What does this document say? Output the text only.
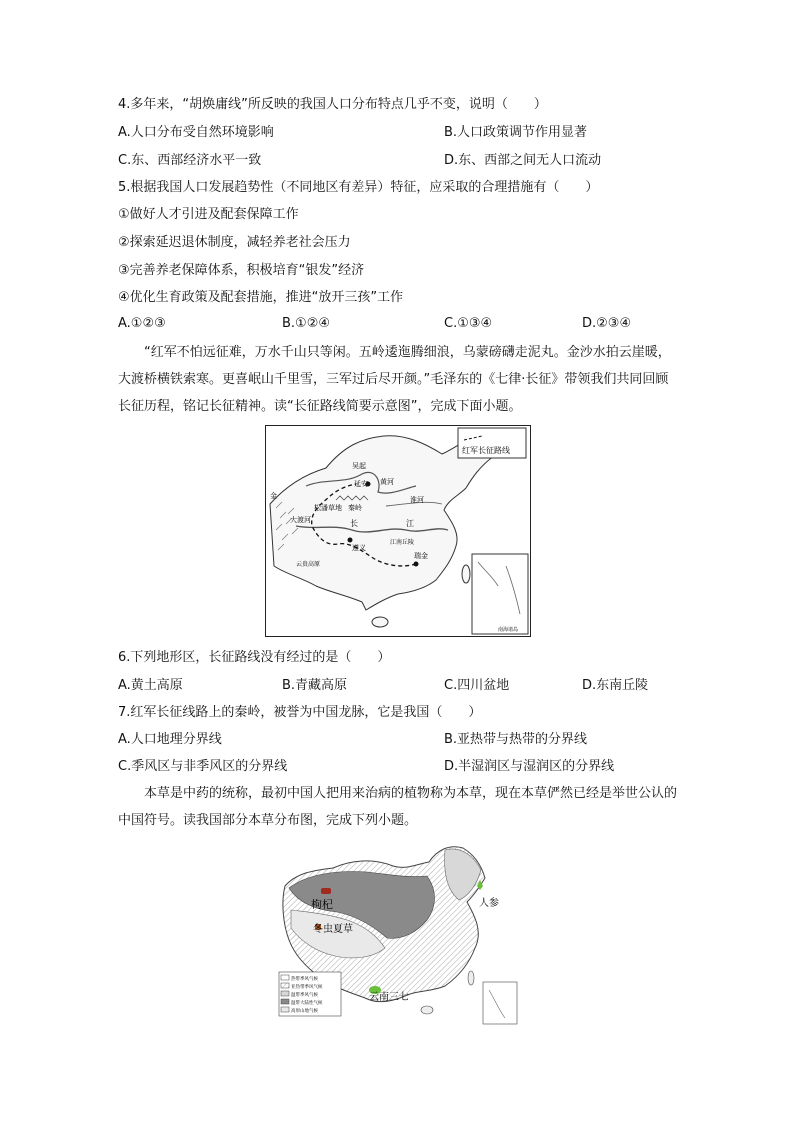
4.多年来，“胡焕庸线”所反映的我国人口分布特点几乎不变，说明（　　）
A.人口分布受自然环境影响	B.人口政策调节作用显著
C.东、西部经济水平一致	D.东、西部之间无人口流动
5.根据我国人口发展趋势性（不同地区有差异）特征，应采取的合理措施有（　　）
①做好人才引进及配套保障工作
②探索延迟退休制度，减轻养老社会压力
③完善养老保障体系，积极培育“银发”经济
④优化生育政策及配套措施，推进“放开三孩”工作
A.①②③	B.①②④	C.①③④	D.②③④
“红军不怕远征难，万水千山只等闲。五岭逶迤腾细浪，乌蒙磅礴走泥丸。金沙水拍云崖暖，大渡桥横铁索寒。更喜岷山千里雪，三军过后尽开颜。”毛泽东的《七律·长征》带领我们共同回顾长征历程，铭记长征精神。读“长征路线简要示意图”，完成下面小题。
红军长征路线
南海诸岛
吴起
延安 黄河
松潘草地 秦岭
淮河
长	江
大渡河
金
遵义
江南丘陵
瑞金
云贵高原
6.下列地形区，长征路线没有经过的是（　　）
A.黄土高原	B.青藏高原	C.四川盆地	D.东南丘陵
7.红军长征线路上的秦岭，被誉为中国龙脉，它是我国（　　）
A.人口地理分界线	B.亚热带与热带的分界线
C.季风区与非季风区的分界线	D.半湿润区与湿润区的分界线
本草是中药的统称，最初中国人把用来治病的植物称为本草，现在本草俨然已经是举世公认的中国符号。读我国部分本草分布图，完成下列小题。
枸杞
冬虫夏草
人参
云南三七
热带季风气候
亚热带季风气候
温带季风气候
温带大陆性气候
高原山地气候
